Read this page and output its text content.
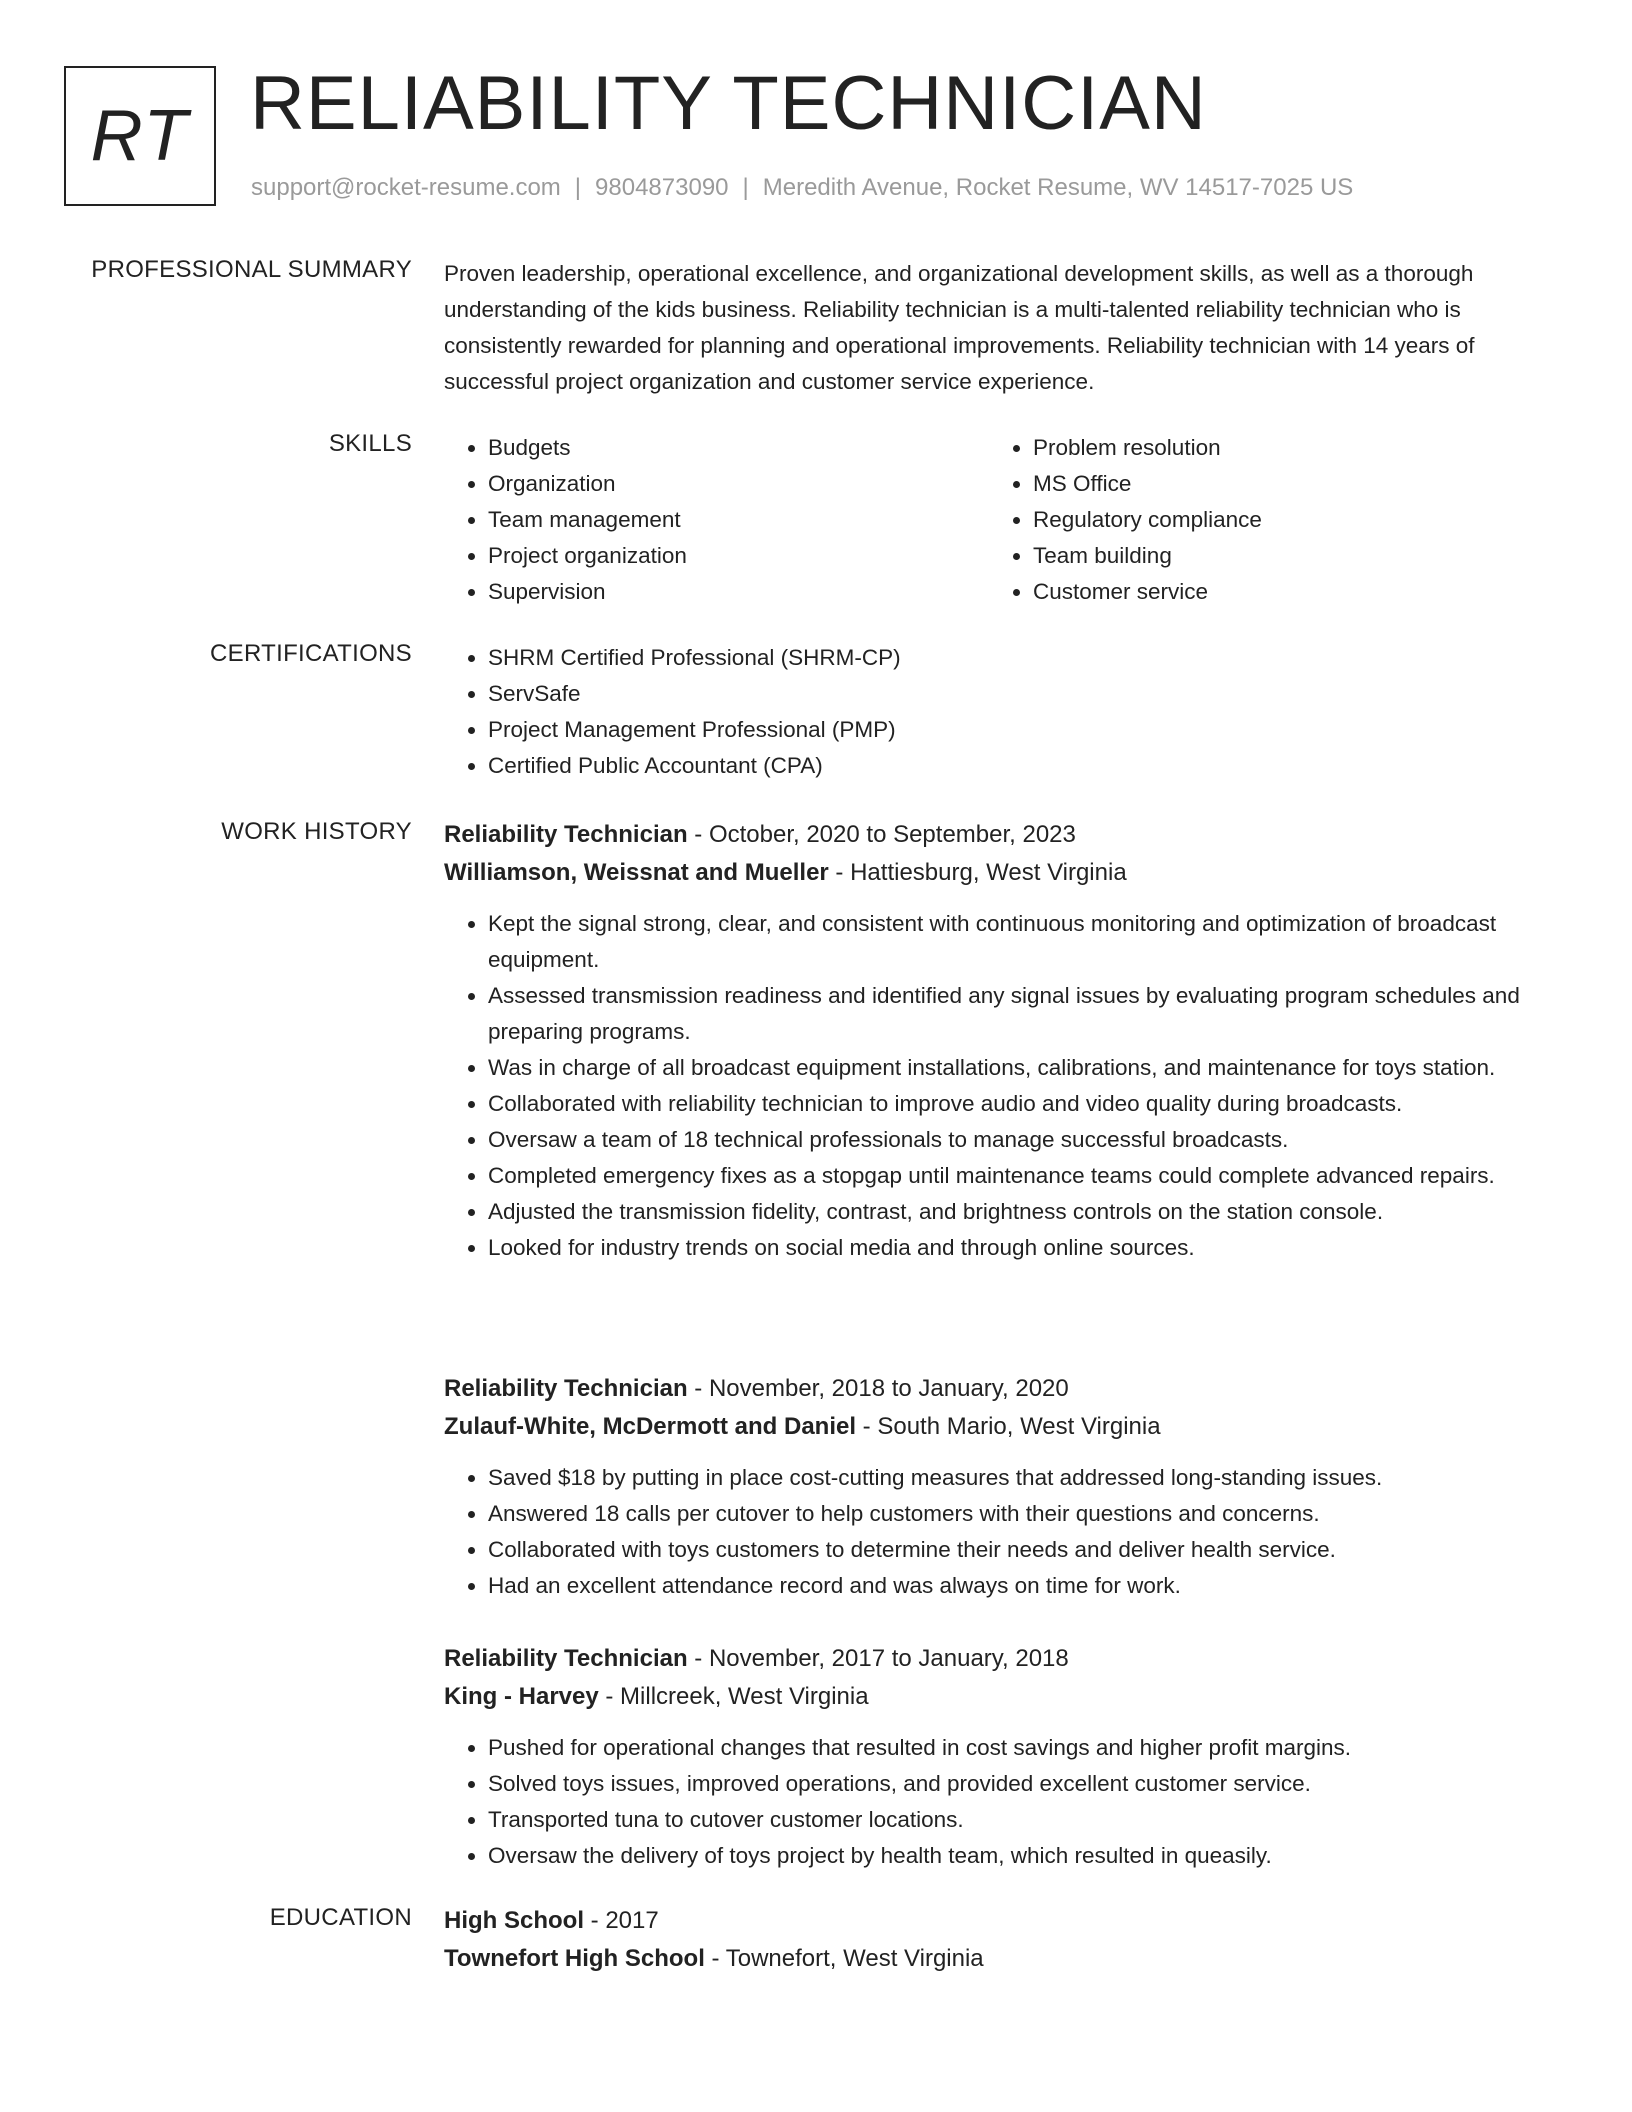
RT RELIABILITY TECHNICIAN
support@rocket-resume.com | 9804873090 | Meredith Avenue, Rocket Resume, WV 14517-7025 US
PROFESSIONAL SUMMARY Proven leadership, operational excellence, and organizational development skills, as well as a thorough understanding of the kids business. Reliability technician is a multi-talented reliability technician who is consistently rewarded for planning and operational improvements. Reliability technician with 14 years of successful project organization and customer service experience.

SKILLS	• Budgets
• Organization
• Team management
• Project organization
• Supervision
• Problem resolution
• MS Office
• Regulatory compliance
• Team building
• Customer service
CERTIFICATIONS	• SHRM Certified Professional (SHRM-CP)
• ServSafe
• Project Management Professional (PMP)
• Certified Public Accountant (CPA)
WORK HISTORY Reliability Technician - October, 2020 to September, 2023
Williamson, Weissnat and Mueller - Hattiesburg, West Virginia
• Kept the signal strong, clear, and consistent with continuous monitoring and optimization of broadcast equipment.
• Assessed transmission readiness and identified any signal issues by evaluating program schedules and preparing programs.
• Was in charge of all broadcast equipment installations, calibrations, and maintenance for toys station.
• Collaborated with reliability technician to improve audio and video quality during broadcasts.
• Oversaw a team of 18 technical professionals to manage successful broadcasts.
• Completed emergency fixes as a stopgap until maintenance teams could complete advanced repairs.
• Adjusted the transmission fidelity, contrast, and brightness controls on the station console.
• Looked for industry trends on social media and through online sources.
Reliability Technician - November, 2018 to January, 2020
Zulauf-White, McDermott and Daniel - South Mario, West Virginia
• Saved $18 by putting in place cost-cutting measures that addressed long-standing issues.
• Answered 18 calls per cutover to help customers with their questions and concerns.
• Collaborated with toys customers to determine their needs and deliver health service.
• Had an excellent attendance record and was always on time for work.
Reliability Technician - November, 2017 to January, 2018
King - Harvey - Millcreek, West Virginia
• Pushed for operational changes that resulted in cost savings and higher profit margins.
• Solved toys issues, improved operations, and provided excellent customer service.
• Transported tuna to cutover customer locations.
• Oversaw the delivery of toys project by health team, which resulted in queasily.
EDUCATION High School - 2017
Townefort High School - Townefort, West Virginia
